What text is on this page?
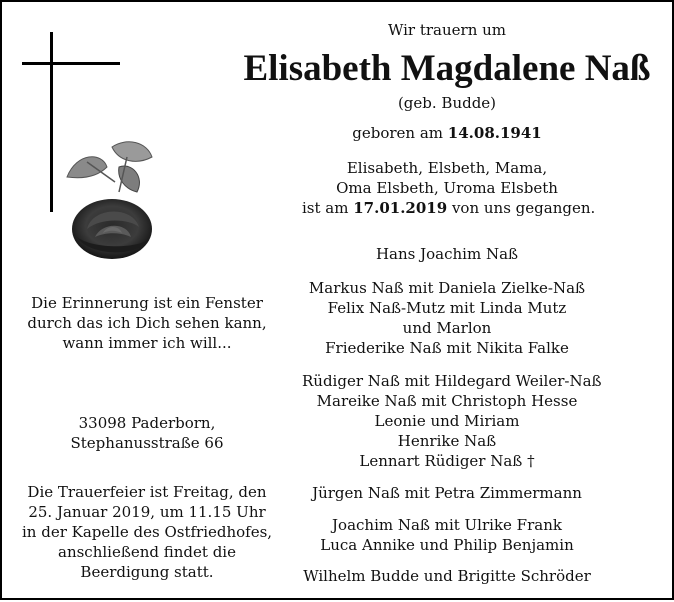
Wir trauern um
Elisabeth Magdalene Naß
(geb. Budde)
geboren am 14.08.1941
Elisabeth, Elsbeth, Mama,
Oma Elsbeth, Uroma Elsbeth
ist am 17.01.2019 von uns gegangen.
Hans Joachim Naß
Markus Naß mit Daniela Zielke-Naß
Felix Naß-Mutz mit Linda Mutz
und Marlon
Friederike Naß mit Nikita Falke
Rüdiger Naß mit Hildegard Weiler-Naß
Mareike Naß mit Christoph Hesse
Leonie und Miriam
Henrike Naß
Lennart Rüdiger Naß †
Jürgen Naß mit Petra Zimmermann
Joachim Naß mit Ulrike Frank
Luca Annike und Philip Benjamin
Wilhelm Budde und Brigitte Schröder
Die Erinnerung ist ein Fenster
durch das ich Dich sehen kann,
wann immer ich will...
33098 Paderborn,
Stephanusstraße 66
Die Trauerfeier ist Freitag, den
25. Januar 2019, um 11.15 Uhr
in der Kapelle des Ostfriedhofes,
anschließend findet die
Beerdigung statt.
